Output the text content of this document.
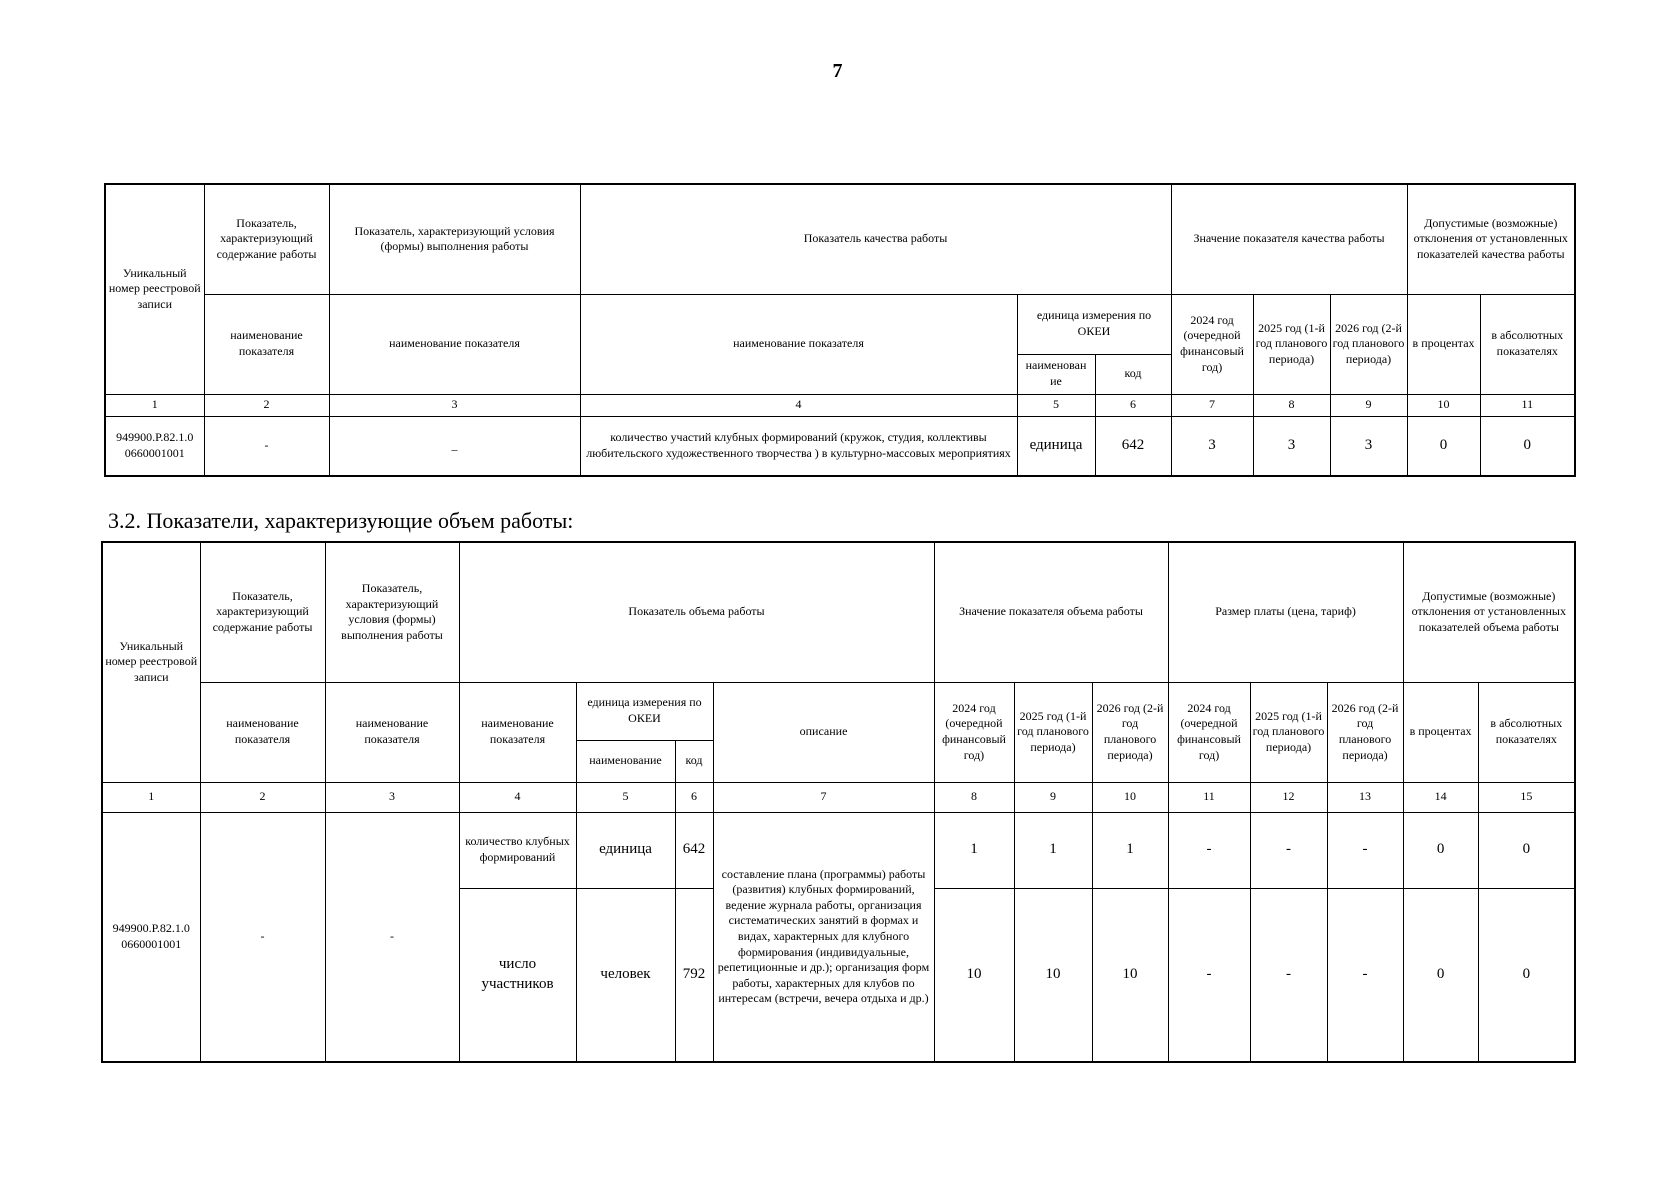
7
Уникальный номер реестровой записи	Показатель, характеризующий содержание работы	Показатель, характеризующий условия (формы) выполнения работы	Показатель качества работы			Значение показателя качества работы			Допустимые (возможные) отклонения от установленных показателей качества работы	
	наименование показателя	наименование показателя	наименование показателя	единица измерения по ОКЕИ		2024 год (очередной финансовый год)	2025 год (1-й год планового периода)	2026 год (2-й год планового периода)	в процентах	в абсолютных показателях
				наименован ие	код					
1	2	3	4	5	6	7	8	9	10	11
949900.Р.82.1.0 0660001001	-	_	количество участий клубных формирований (кружок, студия, коллективы любительского художественного творчества ) в культурно-массовых мероприятиях	единица	642	3	3	3	0	0
3.2. Показатели, характеризующие объем работы:
Уникальный номер реестровой записи	Показатель, характеризующий содержание работы	Показатель, характеризующий условия (формы) выполнения работы	Показатель объема работы				Значение показателя объема работы			Размер платы (цена, тариф)			Допустимые (возможные) отклонения от установленных показателей объема работы	
	наименование показателя	наименование показателя	наименование показателя	единица измерения по ОКЕИ		описание	2024 год (очередной финансовый год)	2025 год (1-й год планового периода)	2026 год (2-й год планового периода)	2024 год (очередной финансовый год)	2025 год (1-й год планового периода)	2026 год (2-й год планового периода)	в процентах	в абсолютных показателях
				наименование	код									
1	2	3	4	5	6	7	8	9	10	11	12	13	14	15
949900.Р.82.1.0 0660001001	-	-	количество клубных формирований	единица	642	составление плана (программы) работы (развития) клубных формирований, ведение журнала работы, организация систематических занятий в формах и видах, характерных для клубного формирования (индивидуальные, репетиционные и др.); организация форм работы, характерных для клубов по интересам (встречи, вечера отдыха и др.)	1	1	1	-	-	-	0	0
			число участников	человек	792		10	10	10	-	-	-	0	0
